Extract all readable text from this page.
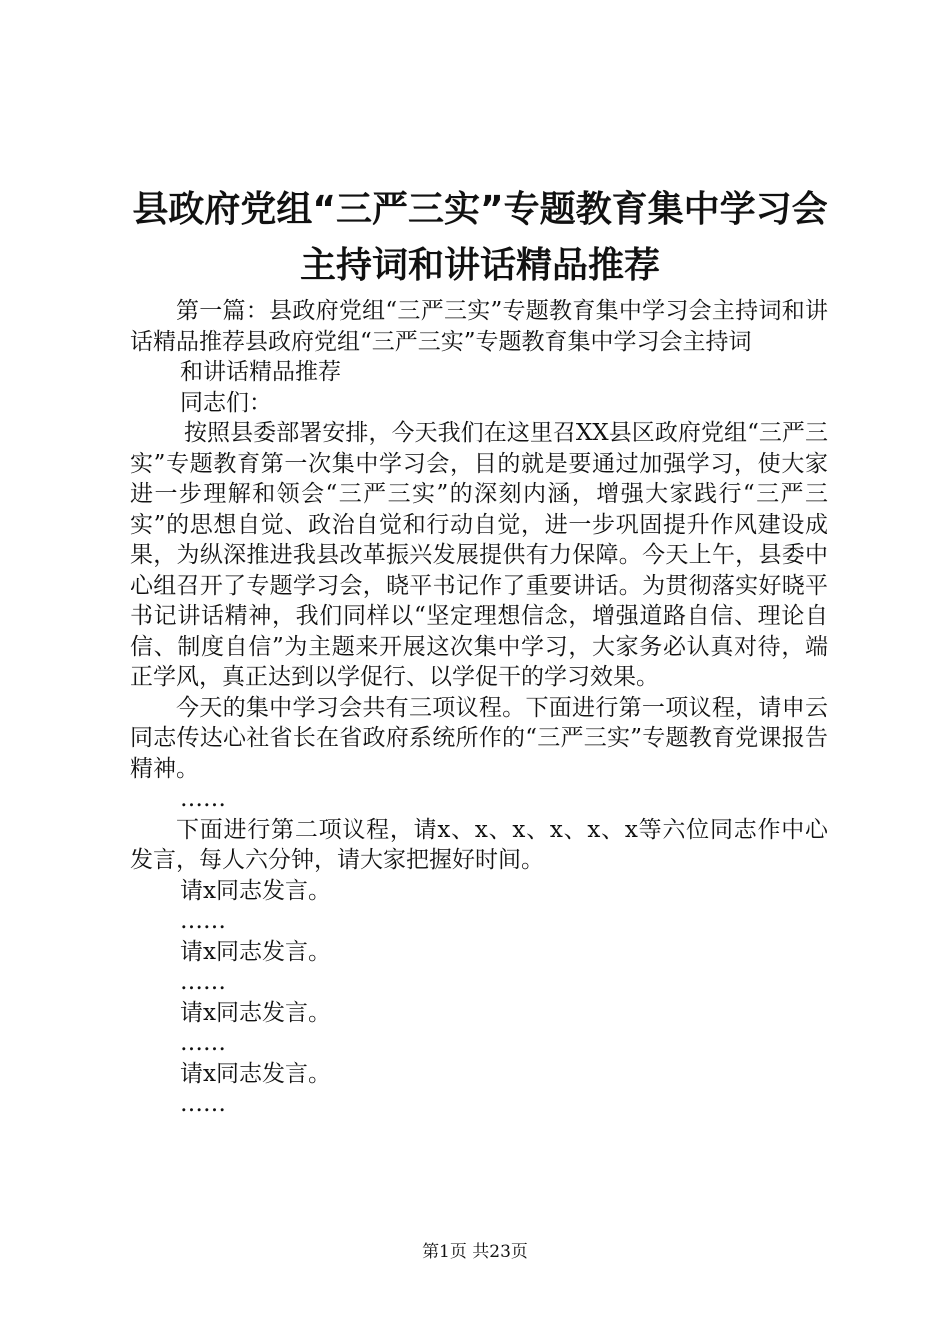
县政府党组“三严三实”专题教育集中学习会
主持词和讲话精品推荐

第一篇：县政府党组“三严三实”专题教育集中学习会主持词和讲话精品推荐县政府党组“三严三实”专题教育集中学习会主持词

和讲话精品推荐

同志们：

按照县委部署安排，今天我们在这里召XX县区政府党组“三严三实”专题教育第一次集中学习会，目的就是要通过加强学习，使大家进一步理解和领会“三严三实”的深刻内涵，增强大家践行“三严三实”的思想自觉、政治自觉和行动自觉，进一步巩固提升作风建设成果，为纵深推进我县改革振兴发展提供有力保障。今天上午，县委中心组召开了专题学习会，晓平书记作了重要讲话。为贯彻落实好晓平书记讲话精神，我们同样以“坚定理想信念，增强道路自信、理论自信、制度自信”为主题来开展这次集中学习，大家务必认真对待，端正学风，真正达到以学促行、以学促干的学习效果。

今天的集中学习会共有三项议程。下面进行第一项议程，请申云同志传达心社省长在省政府系统所作的“三严三实”专题教育党课报告精神。

……

下面进行第二项议程，请x、x、x、x、x、x等六位同志作中心发言，每人六分钟，请大家把握好时间。

请x同志发言。

……

请x同志发言。

……

请x同志发言。

……

请x同志发言。

……

第1页 共23页
